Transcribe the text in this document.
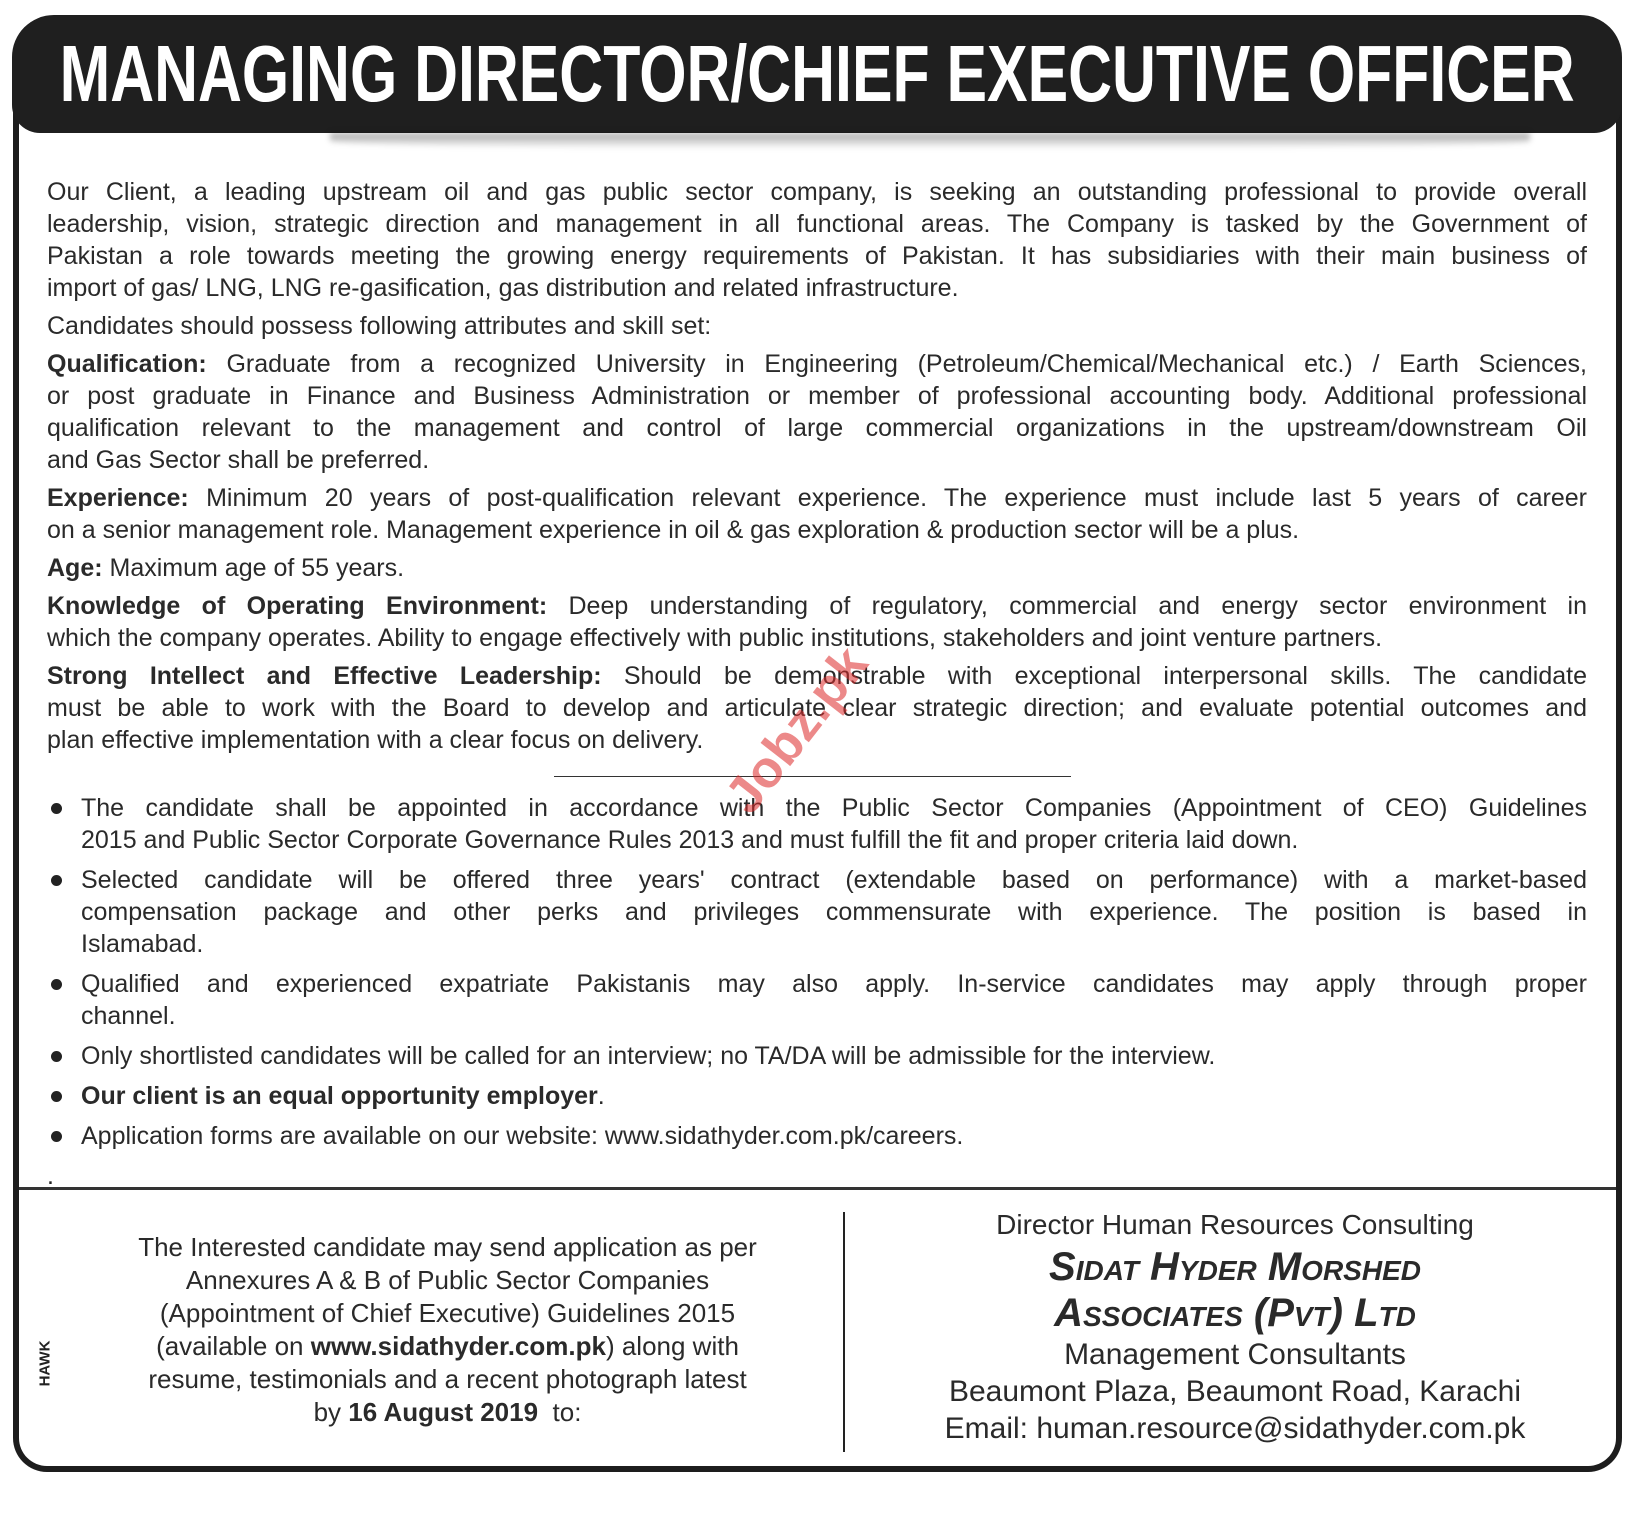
MANAGING DIRECTOR/CHIEF EXECUTIVE OFFICER
Our Client, a leading upstream oil and gas public sector company, is seeking an outstanding professional to provide overall
leadership, vision, strategic direction and management in all functional areas. The Company is tasked by the Government of
Pakistan a role towards meeting the growing energy requirements of Pakistan. It has subsidiaries with their main business of
import of gas/ LNG, LNG re-gasification, gas distribution and related infrastructure.
Candidates should possess following attributes and skill set:
Qualification: Graduate from a recognized University in Engineering (Petroleum/Chemical/Mechanical etc.) / Earth Sciences,
or post graduate in Finance and Business Administration or member of professional accounting body. Additional professional
qualification relevant to the management and control of large commercial organizations in the upstream/downstream Oil
and Gas Sector shall be preferred.
Experience: Minimum 20 years of post-qualification relevant experience. The experience must include last 5 years of career
on a senior management role. Management experience in oil & gas exploration & production sector will be a plus.
Age: Maximum age of 55 years.
Knowledge of Operating Environment: Deep understanding of regulatory, commercial and energy sector environment in
which the company operates. Ability to engage effectively with public institutions, stakeholders and joint venture partners.
Strong Intellect and Effective Leadership: Should be demonstrable with exceptional interpersonal skills. The candidate
must be able to work with the Board to develop and articulate clear strategic direction; and evaluate potential outcomes and
plan effective implementation with a clear focus on delivery.
The candidate shall be appointed in accordance with the Public Sector Companies (Appointment of CEO) Guidelines
2015 and Public Sector Corporate Governance Rules 2013 and must fulfill the fit and proper criteria laid down.
Selected candidate will be offered three years' contract (extendable based on performance) with a market-based
compensation package and other perks and privileges commensurate with experience. The position is based in
Islamabad.
Qualified and experienced expatriate Pakistanis may also apply. In-service candidates may apply through proper
channel.
Only shortlisted candidates will be called for an interview; no TA/DA will be admissible for the interview.
Our client is an equal opportunity employer.
Application forms are available on our website: www.sidathyder.com.pk/careers.
.
The Interested candidate may send application as per
Annexures A & B of Public Sector Companies
(Appointment of Chief Executive) Guidelines 2015
(available on www.sidathyder.com.pk) along with
resume, testimonials and a recent photograph latest
by 16 August 2019  to:
Director Human Resources Consulting
Sidat Hyder Morshed
Associates (Pvt) Ltd
Management Consultants
Beaumont Plaza, Beaumont Road, Karachi
Email: human.resource@sidathyder.com.pk
HAWK
Jobz.pk
